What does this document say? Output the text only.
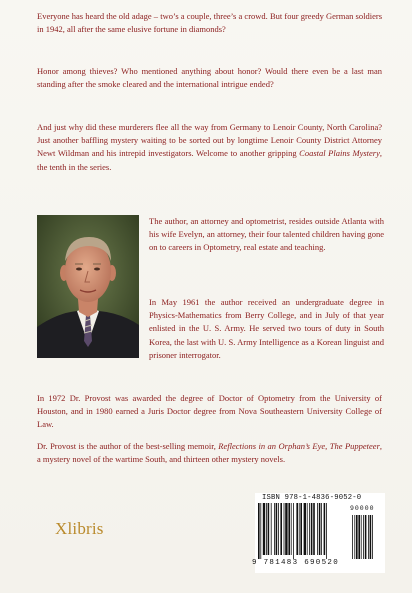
Everyone has heard the old adage – two’s a couple, three’s a crowd. But four greedy German soldiers in 1942, all after the same elusive fortune in diamonds?

Honor among thieves? Who mentioned anything about honor? Would there even be a last man standing after the smoke cleared and the international intrigue ended?

And just why did these murderers flee all the way from Germany to Lenoir County, North Carolina? Just another baffling mystery waiting to be sorted out by longtime Lenoir County District Attorney Newt Wildman and his intrepid investigators. Welcome to another gripping Coastal Plains Mystery, the tenth in the series.

The author, an attorney and optometrist, resides outside Atlanta with his wife Evelyn, an attorney, their four talented children having gone on to careers in Optometry, real estate and teaching.

In May 1961 the author received an undergraduate degree in Physics-Mathematics from Berry College, and in July of that year enlisted in the U. S. Army. He served two tours of duty in South Korea, the last with U. S. Army Intelligence as a Korean linguist and prisoner interrogator.

In 1972 Dr. Provost was awarded the degree of Doctor of Optometry from the University of Houston, and in 1980 earned a Juris Doctor degree from Nova Southeastern University College of Law.

Dr. Provost is the author of the best-selling memoir, Reflections in an Orphan’s Eye, The Puppeteer, a mystery novel of the wartime South, and thirteen other mystery novels.

Xlibris
ISBN 978-1-4836-9052-0
90000
9 781483 690520
